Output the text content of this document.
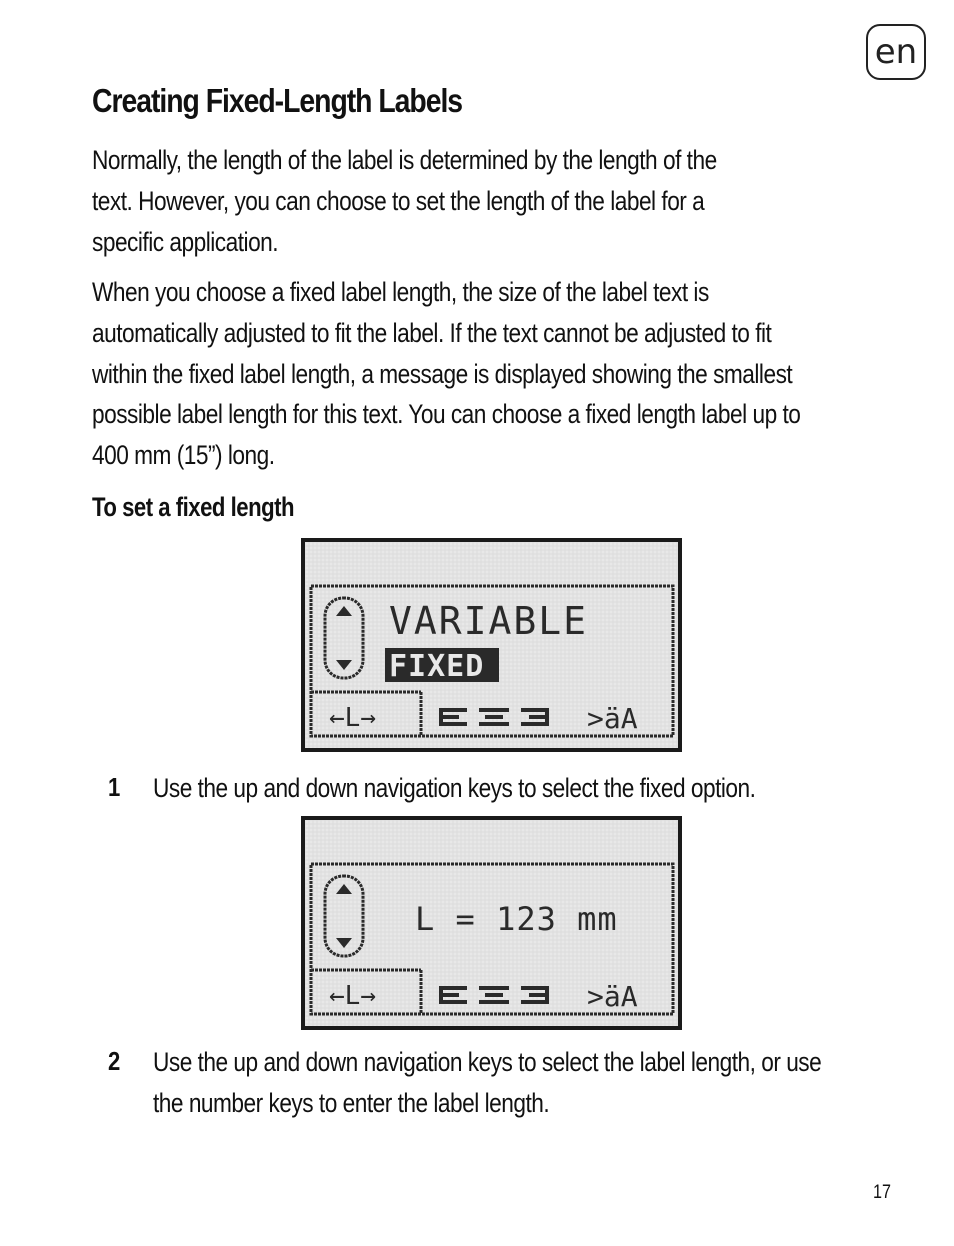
en
Creating Fixed-Length Labels

Normally, the length of the label is determined by the length of the
text. However, you can choose to set the length of the label for a
specific application.

When you choose a fixed label length, the size of the label text is
automatically adjusted to fit the label. If the text cannot be adjusted to fit
within the fixed label length, a message is displayed showing the smallest
possible label length for this text. You can choose a fixed length label up to
400 mm (15”) long.

To set a fixed length
VARIABLE
FIXED
←L→	>äA
1 Use the up and down navigation keys to select the fixed option.
L = 123 mm
←L→	>äA
2 Use the up and down navigation keys to select the label length, or use
the number keys to enter the label length.
17
